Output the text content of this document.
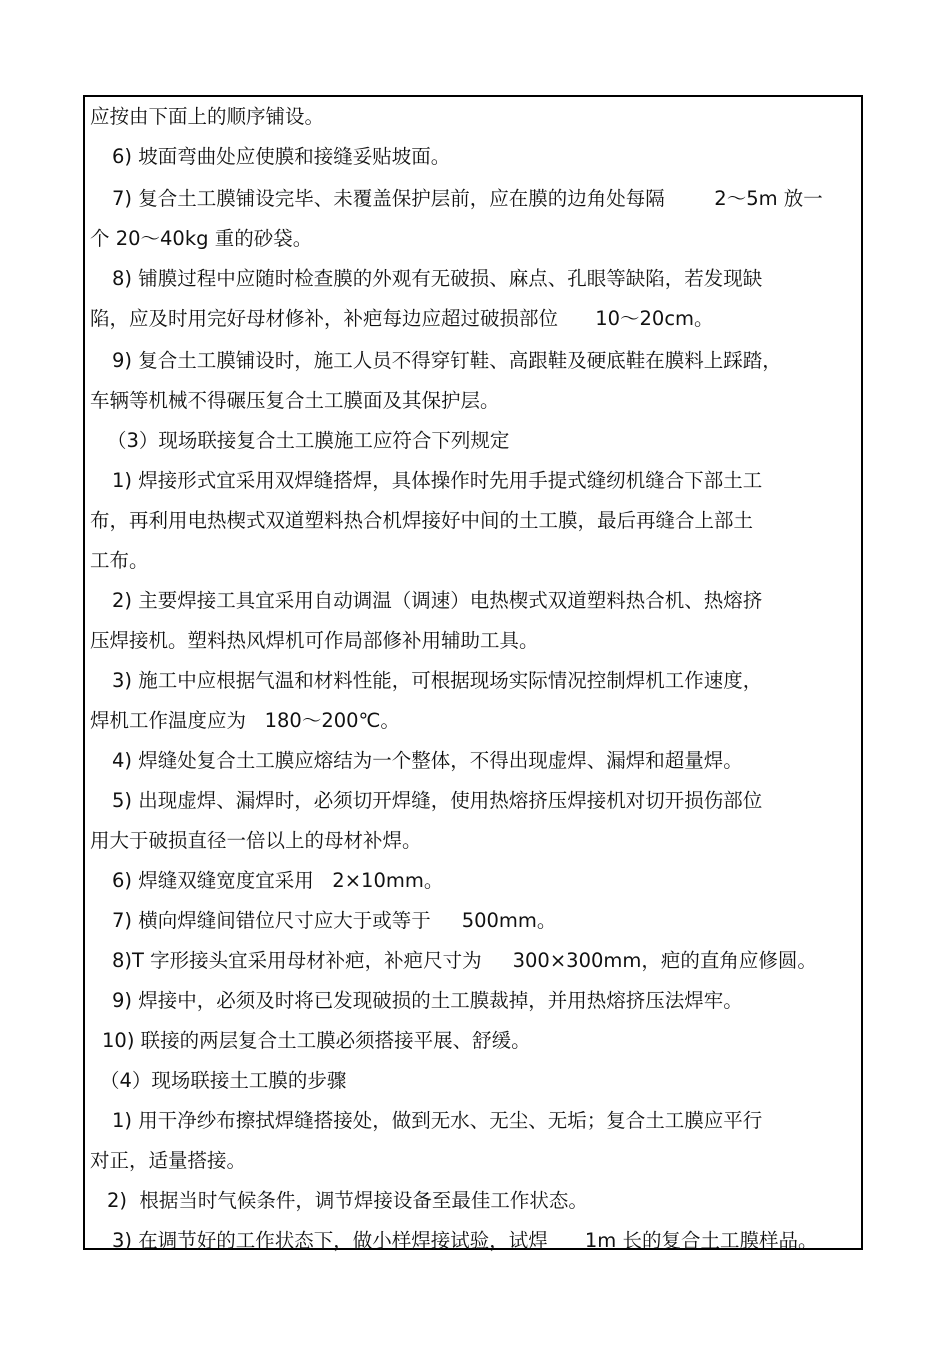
应按由下面上的顺序铺设。
6) 坡面弯曲处应使膜和接缝妥贴坡面。
7) 复合土工膜铺设完毕、未覆盖保护层前，应在膜的边角处每隔        2～5m 放一
个 20～40kg 重的砂袋。
8) 铺膜过程中应随时检查膜的外观有无破损、麻点、孔眼等缺陷，若发现缺
陷，应及时用完好母材修补，补疤每边应超过破损部位      10～20cm。
9) 复合土工膜铺设时，施工人员不得穿钉鞋、高跟鞋及硬底鞋在膜料上踩踏，
车辆等机械不得碾压复合土工膜面及其保护层。
（3）现场联接复合土工膜施工应符合下列规定
1) 焊接形式宜采用双焊缝搭焊，具体操作时先用手提式缝纫机缝合下部土工
布，再利用电热楔式双道塑料热合机焊接好中间的土工膜，最后再缝合上部土
工布。
2) 主要焊接工具宜采用自动调温（调速）电热楔式双道塑料热合机、热熔挤
压焊接机。塑料热风焊机可作局部修补用辅助工具。
3) 施工中应根据气温和材料性能，可根据现场实际情况控制焊机工作速度，
焊机工作温度应为   180～200℃。
4) 焊缝处复合土工膜应熔结为一个整体，不得出现虚焊、漏焊和超量焊。
5) 出现虚焊、漏焊时，必须切开焊缝，使用热熔挤压焊接机对切开损伤部位
用大于破损直径一倍以上的母材补焊。
6) 焊缝双缝宽度宜采用   2×10mm。
7) 横向焊缝间错位尺寸应大于或等于     500mm。
8)T 字形接头宜采用母材补疤，补疤尺寸为     300×300mm，疤的直角应修圆。
9) 焊接中，必须及时将已发现破损的土工膜裁掉，并用热熔挤压法焊牢。
10) 联接的两层复合土工膜必须搭接平展、舒缓。
（4）现场联接土工膜的步骤
1) 用干净纱布擦拭焊缝搭接处，做到无水、无尘、无垢；复合土工膜应平行
对正，适量搭接。
2)  根据当时气候条件，调节焊接设备至最佳工作状态。
3) 在调节好的工作状态下，做小样焊接试验，试焊      1m 长的复合土工膜样品。
